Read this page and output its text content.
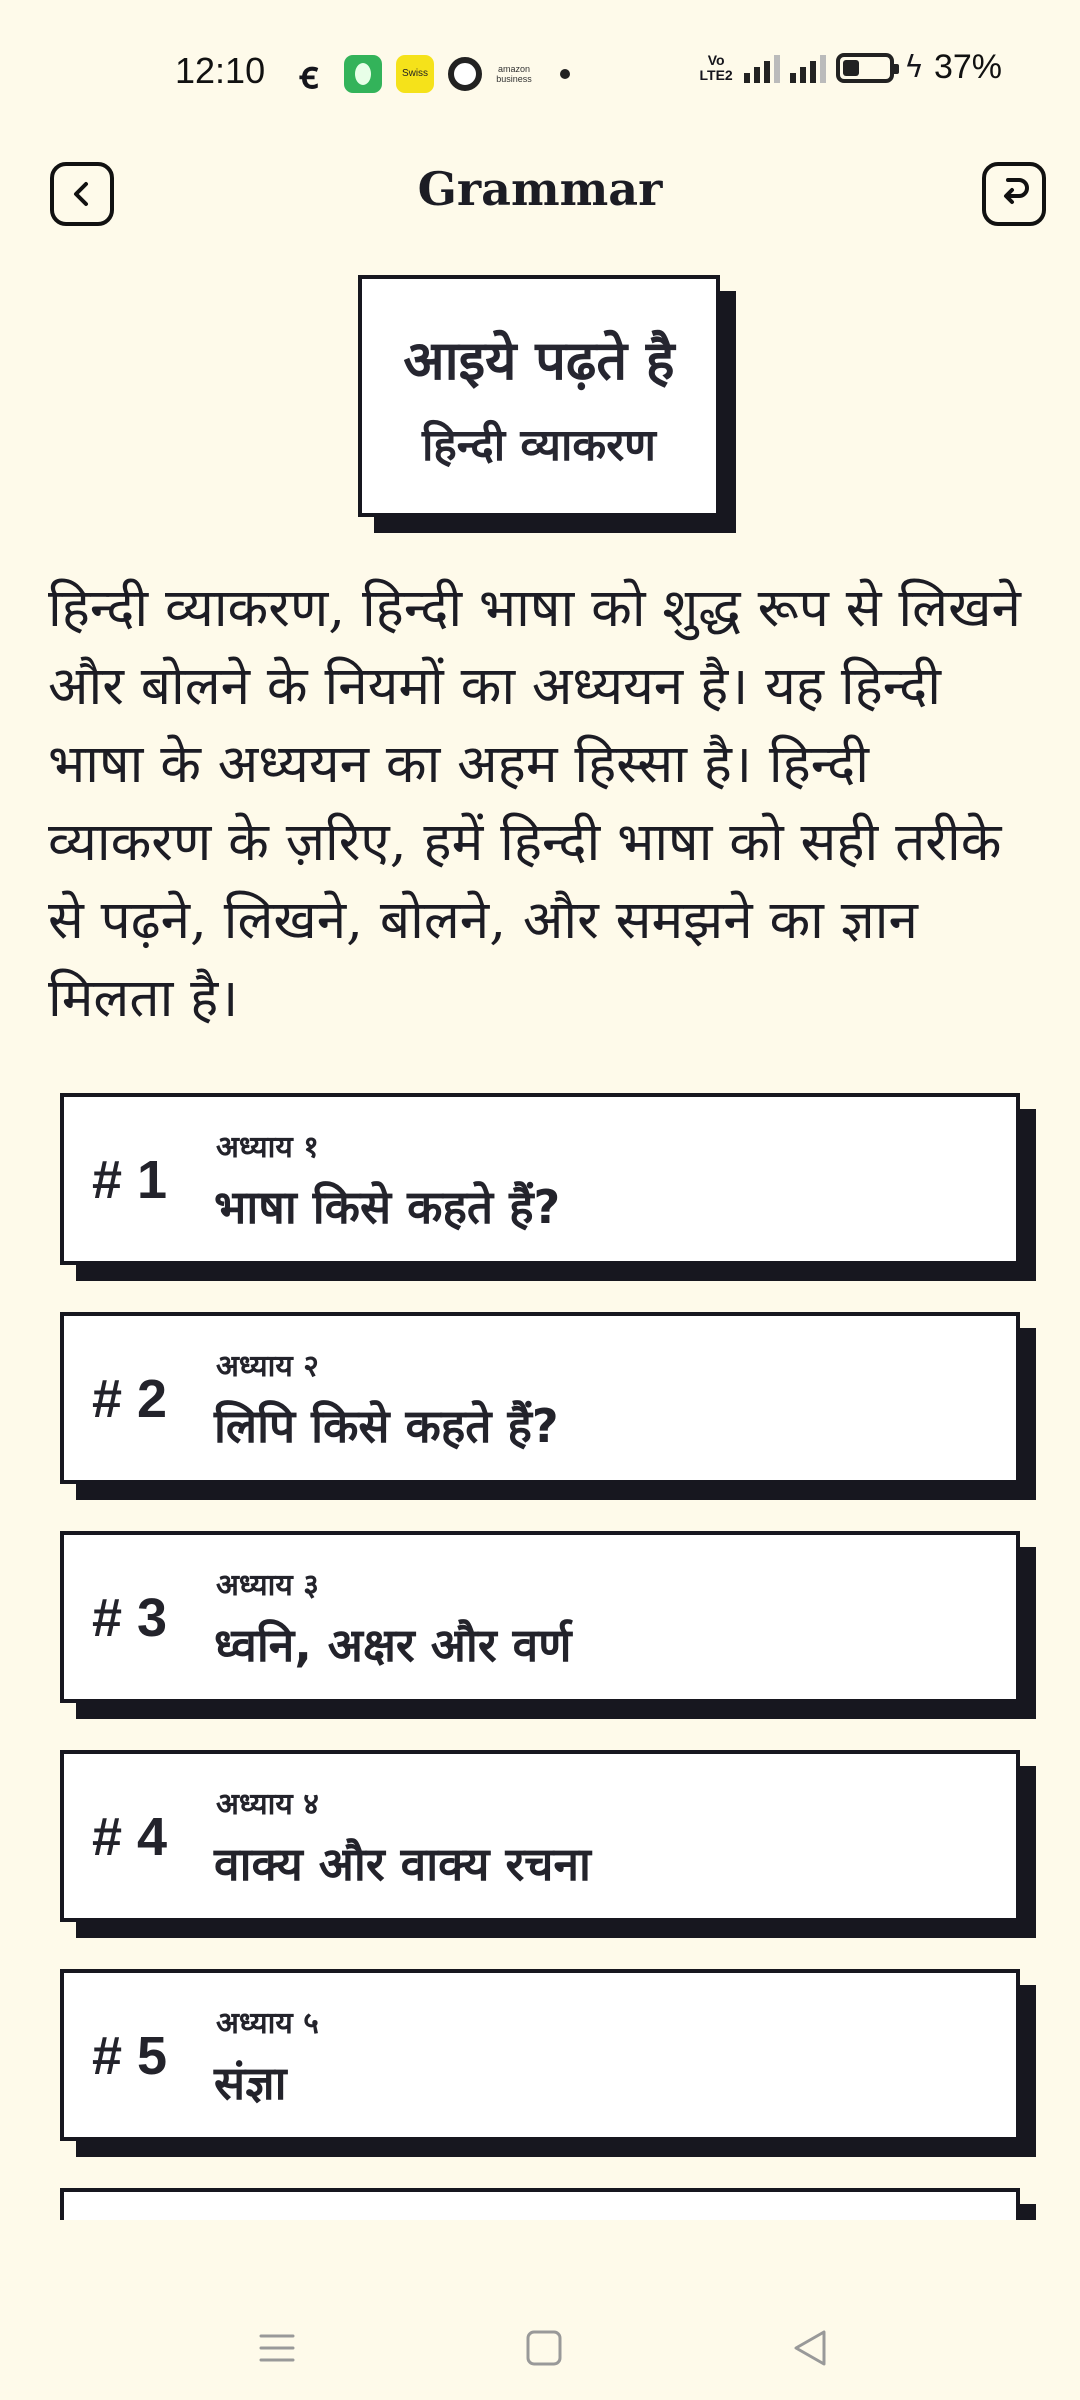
12:10 ꞓ	Swiss	amazon business
Vo LTE2	ϟ 37%
Grammar
आइये पढ़ते है
हिन्दी व्याकरण
हिन्दी व्याकरण, हिन्दी भाषा को शुद्ध रूप से लिखने और बोलने के नियमों का अध्ययन है। यह हिन्दी भाषा के अध्ययन का अहम हिस्सा है। हिन्दी व्याकरण के ज़रिए, हमें हिन्दी भाषा को सही तरीके से पढ़ने, लिखने, बोलने, और समझने का ज्ञान मिलता है।
# 1
अध्याय १
भाषा किसे कहते हैं?
# 2
अध्याय २
लिपि किसे कहते हैं?
# 3
अध्याय ३
ध्वनि, अक्षर और वर्ण
# 4
अध्याय ४
वाक्य और वाक्य रचना
# 5
अध्याय ५
संज्ञा
